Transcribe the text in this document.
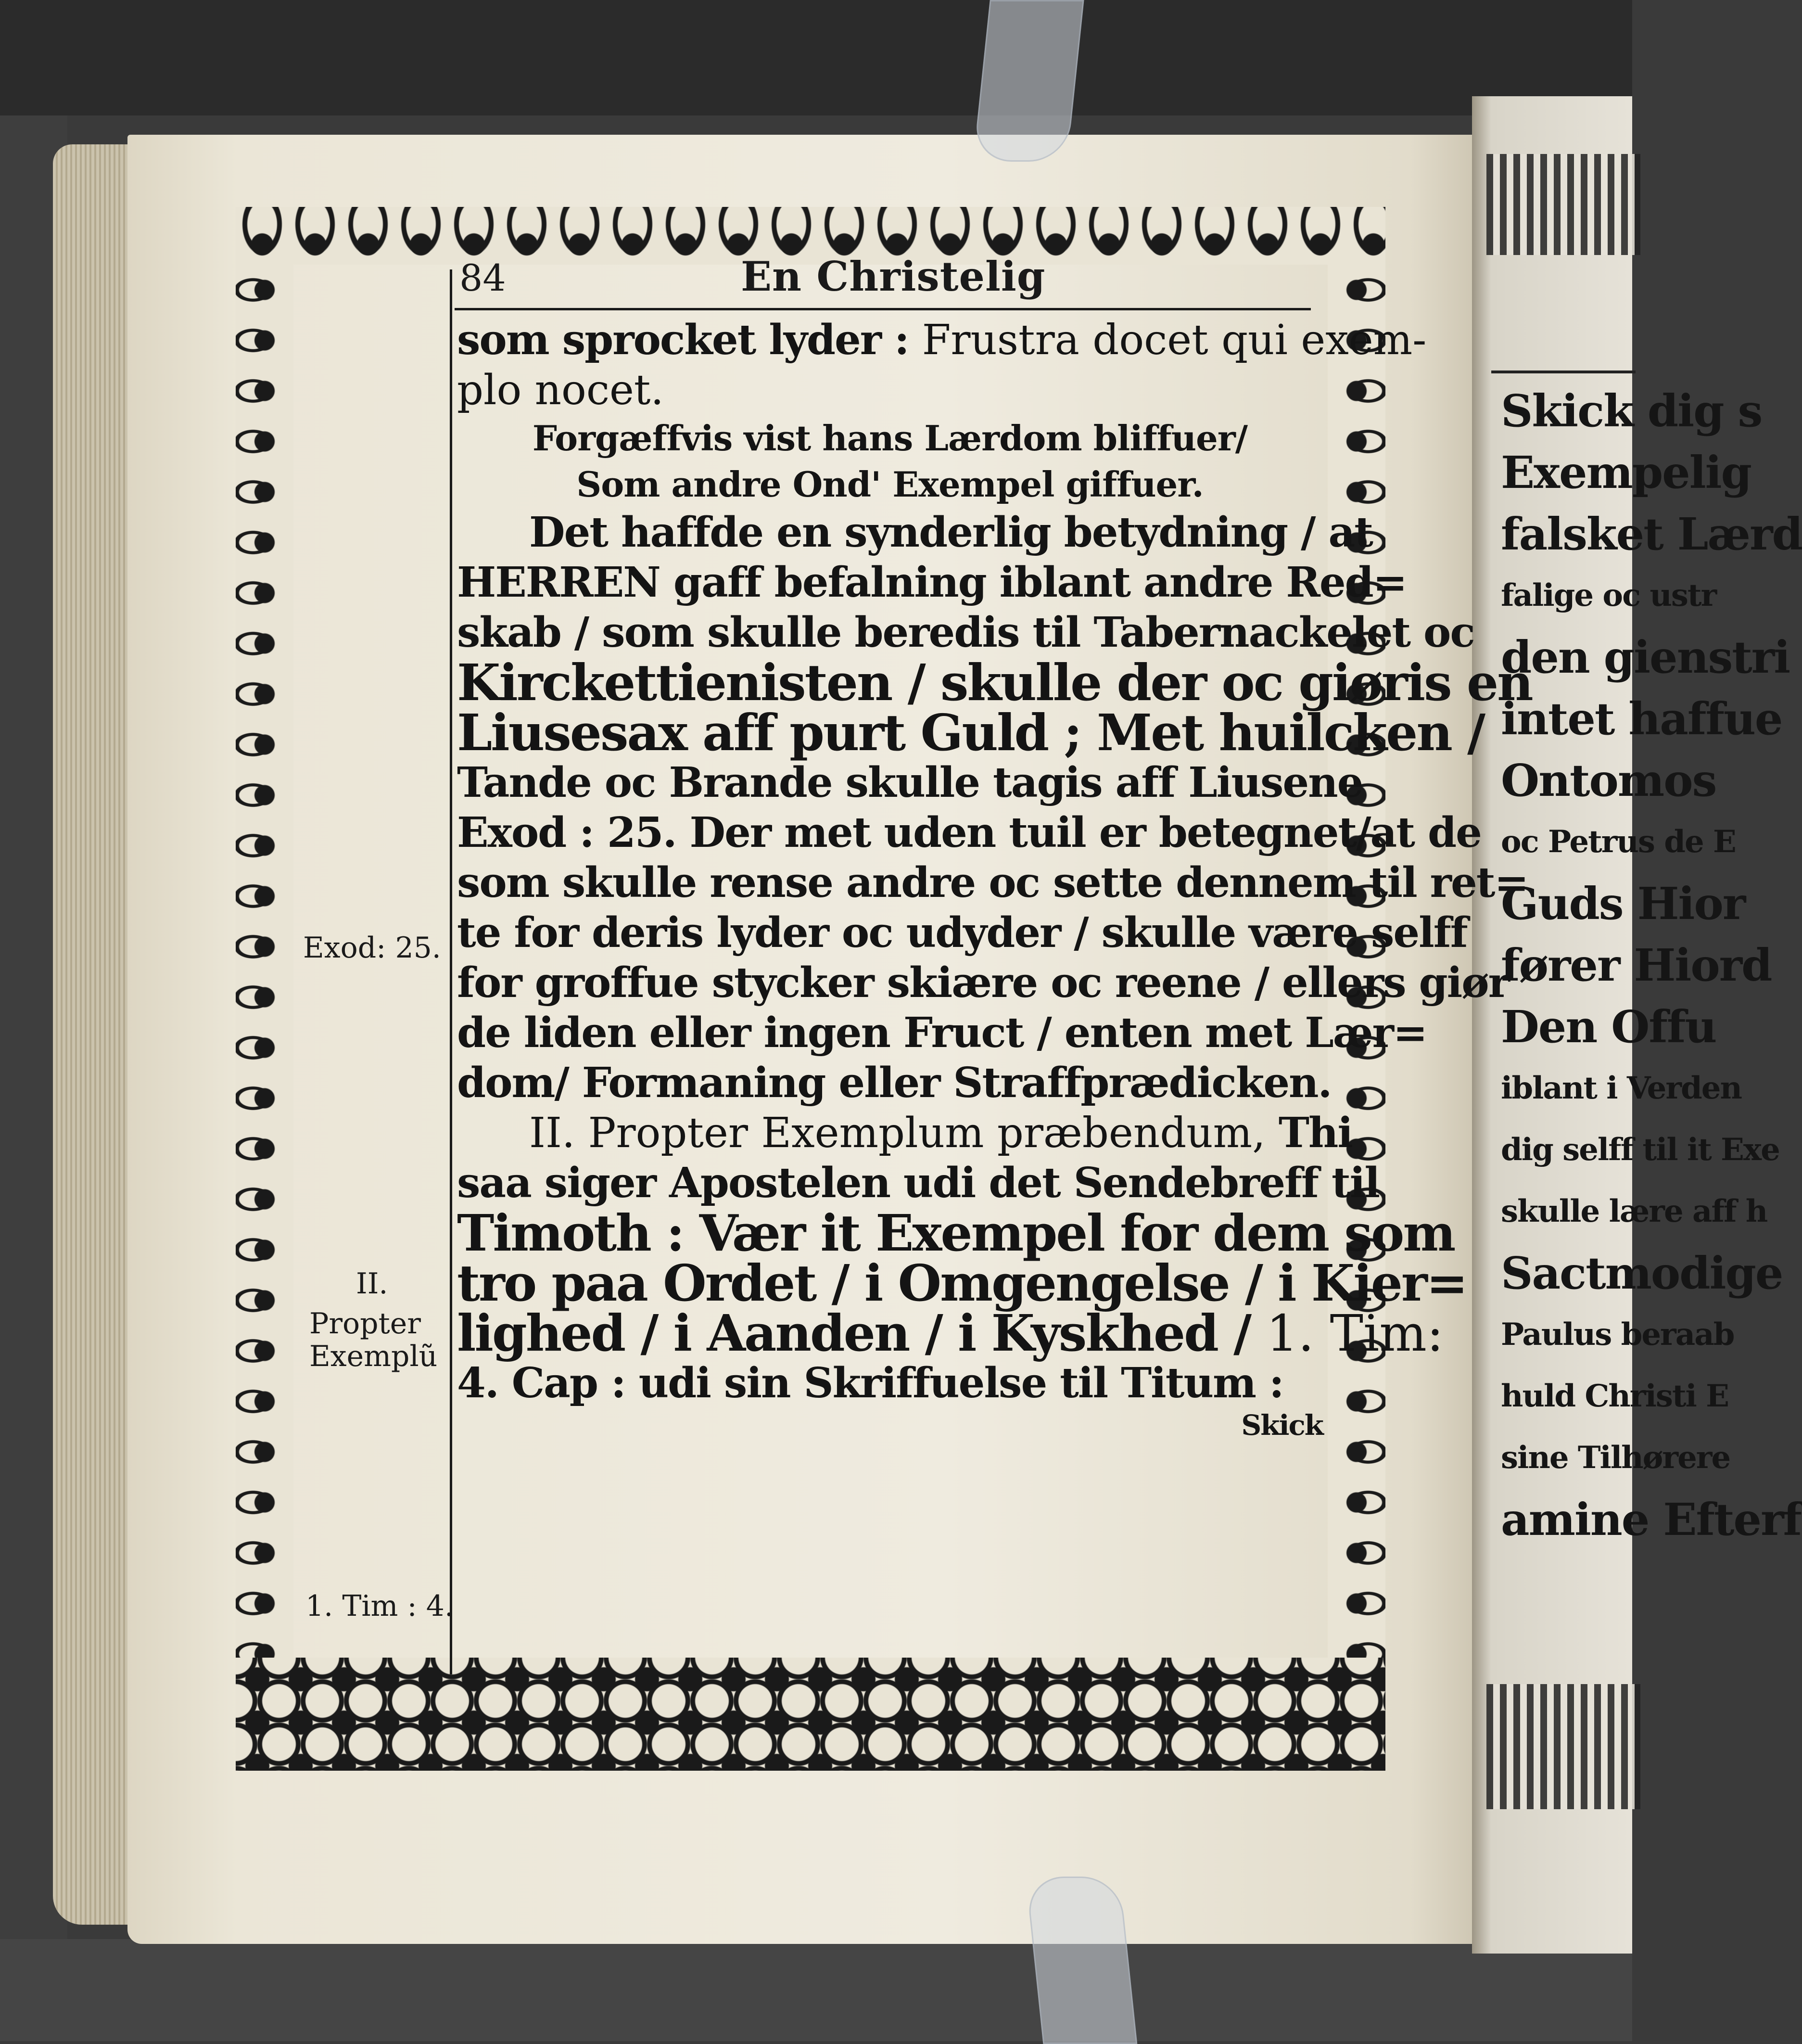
Skick dig s
Exempelig
falsket Lærd
falige oc ustr
den gienstri
intet haffue
Ontomos
oc Petrus de E
Guds Hior
fører Hiord
Den Offu
iblant i Verden
dig selff til it Exe
skulle lære aff h
Sactmodige
Paulus beraab
huld Christi E
sine Tilhørere
amine Efterf
84	En Christelig
som sprocket lyder : Frustra docet qui exem-
plo nocet.
Forgæffvis vist hans Lærdom bliffuer/
Som andre Ond' Exempel giffuer.
Det haffde en synderlig betydning / at
HERREN gaff befalning iblant andre Red=
skab / som skulle beredis til Tabernackelet oc
Kirckettienisten / skulle der oc giøris en
Liusesax aff purt Guld ; Met huilcken /
Tande oc Brande skulle tagis aff Liusene
Exod : 25. Der met uden tuil er betegnet/at de
som skulle rense andre oc sette dennem til ret=
te for deris lyder oc udyder / skulle være selff
for groffue stycker skiære oc reene / ellers giør
de liden eller ingen Fruct / enten met Lær=
dom/ Formaning eller Straffprædicken.
II. Propter Exemplum præbendum, Thi
saa siger Apostelen udi det Sendebreff til
Timoth : Vær it Exempel for dem som
tro paa Ordet / i Omgengelse / i Kier=
lighed / i Aanden / i Kyskhed / 1. Tim:
4. Cap : udi sin Skriffuelse til Titum :
Skick
Exod: 25.
II.
Propter
Exemplũ
1. Tim : 4.
